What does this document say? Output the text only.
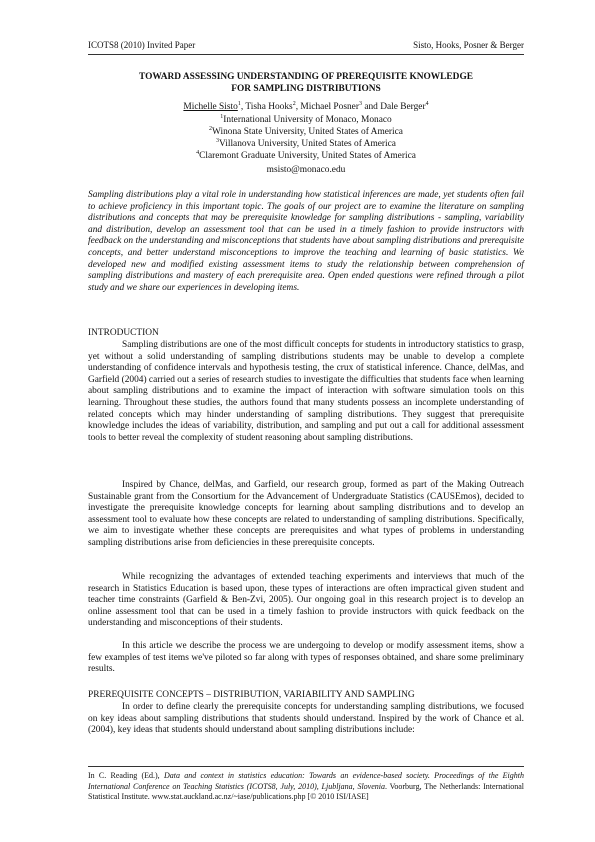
ICOTS8 (2010) Invited Paper	Sisto, Hooks, Posner & Berger
TOWARD ASSESSING UNDERSTANDING OF PREREQUISITE KNOWLEDGE
FOR SAMPLING DISTRIBUTIONS
Michelle Sisto$^1$, Tisha Hooks$^2$, Michael Posner$^3$ and Dale Berger$^4$
$^1$International University of Monaco, Monaco
$^2$Winona State University, United States of America
$^3$Villanova University, United States of America
$^4$Claremont Graduate University, United States of America
msisto@monaco.edu
Sampling distributions play a vital role in understanding how statistical inferences are made, yet students often fail to achieve proficiency in this important topic. The goals of our project are to examine the literature on sampling distributions and concepts that may be prerequisite knowledge for sampling distributions - sampling, variability and distribution, develop an assessment tool that can be used in a timely fashion to provide instructors with feedback on the understanding and misconceptions that students have about sampling distributions and prerequisite concepts, and better understand misconceptions to improve the teaching and learning of basic statistics. We developed new and modified existing assessment items to study the relationship between comprehension of sampling distributions and mastery of each prerequisite area. Open ended questions were refined through a pilot study and we share our experiences in developing items.
INTRODUCTION
Sampling distributions are one of the most difficult concepts for students in introductory statistics to grasp, yet without a solid understanding of sampling distributions students may be unable to develop a complete understanding of confidence intervals and hypothesis testing, the crux of statistical inference. Chance, delMas, and Garfield (2004) carried out a series of research studies to investigate the difficulties that students face when learning about sampling distributions and to examine the impact of interaction with software simulation tools on this learning. Throughout these studies, the authors found that many students possess an incomplete understanding of related concepts which may hinder understanding of sampling distributions. They suggest that prerequisite knowledge includes the ideas of variability, distribution, and sampling and put out a call for additional assessment tools to better reveal the complexity of student reasoning about sampling distributions.
Inspired by Chance, delMas, and Garfield, our research group, formed as part of the Making Outreach Sustainable grant from the Consortium for the Advancement of Undergraduate Statistics (CAUSEmos), decided to investigate the prerequisite knowledge concepts for learning about sampling distributions and to develop an assessment tool to evaluate how these concepts are related to understanding of sampling distributions. Specifically, we aim to investigate whether these concepts are prerequisites and what types of problems in understanding sampling distributions arise from deficiencies in these prerequisite concepts.
While recognizing the advantages of extended teaching experiments and interviews that much of the research in Statistics Education is based upon, these types of interactions are often impractical given student and teacher time constraints (Garfield & Ben-Zvi, 2005). Our ongoing goal in this research project is to develop an online assessment tool that can be used in a timely fashion to provide instructors with quick feedback on the understanding and misconceptions of their students.
In this article we describe the process we are undergoing to develop or modify assessment items, show a few examples of test items we've piloted so far along with types of responses obtained, and share some preliminary results.
PREREQUISITE CONCEPTS – DISTRIBUTION, VARIABILITY AND SAMPLING
In order to define clearly the prerequisite concepts for understanding sampling distributions, we focused on key ideas about sampling distributions that students should understand. Inspired by the work of Chance et al. (2004), key ideas that students should understand about sampling distributions include:
In C. Reading (Ed.), Data and context in statistics education: Towards an evidence-based society. Proceedings of the Eighth International Conference on Teaching Statistics (ICOTS8, July, 2010), Ljubljana, Slovenia. Voorburg, The Netherlands: International Statistical Institute. www.stat.auckland.ac.nz/~iase/publications.php [© 2010 ISI/IASE]
